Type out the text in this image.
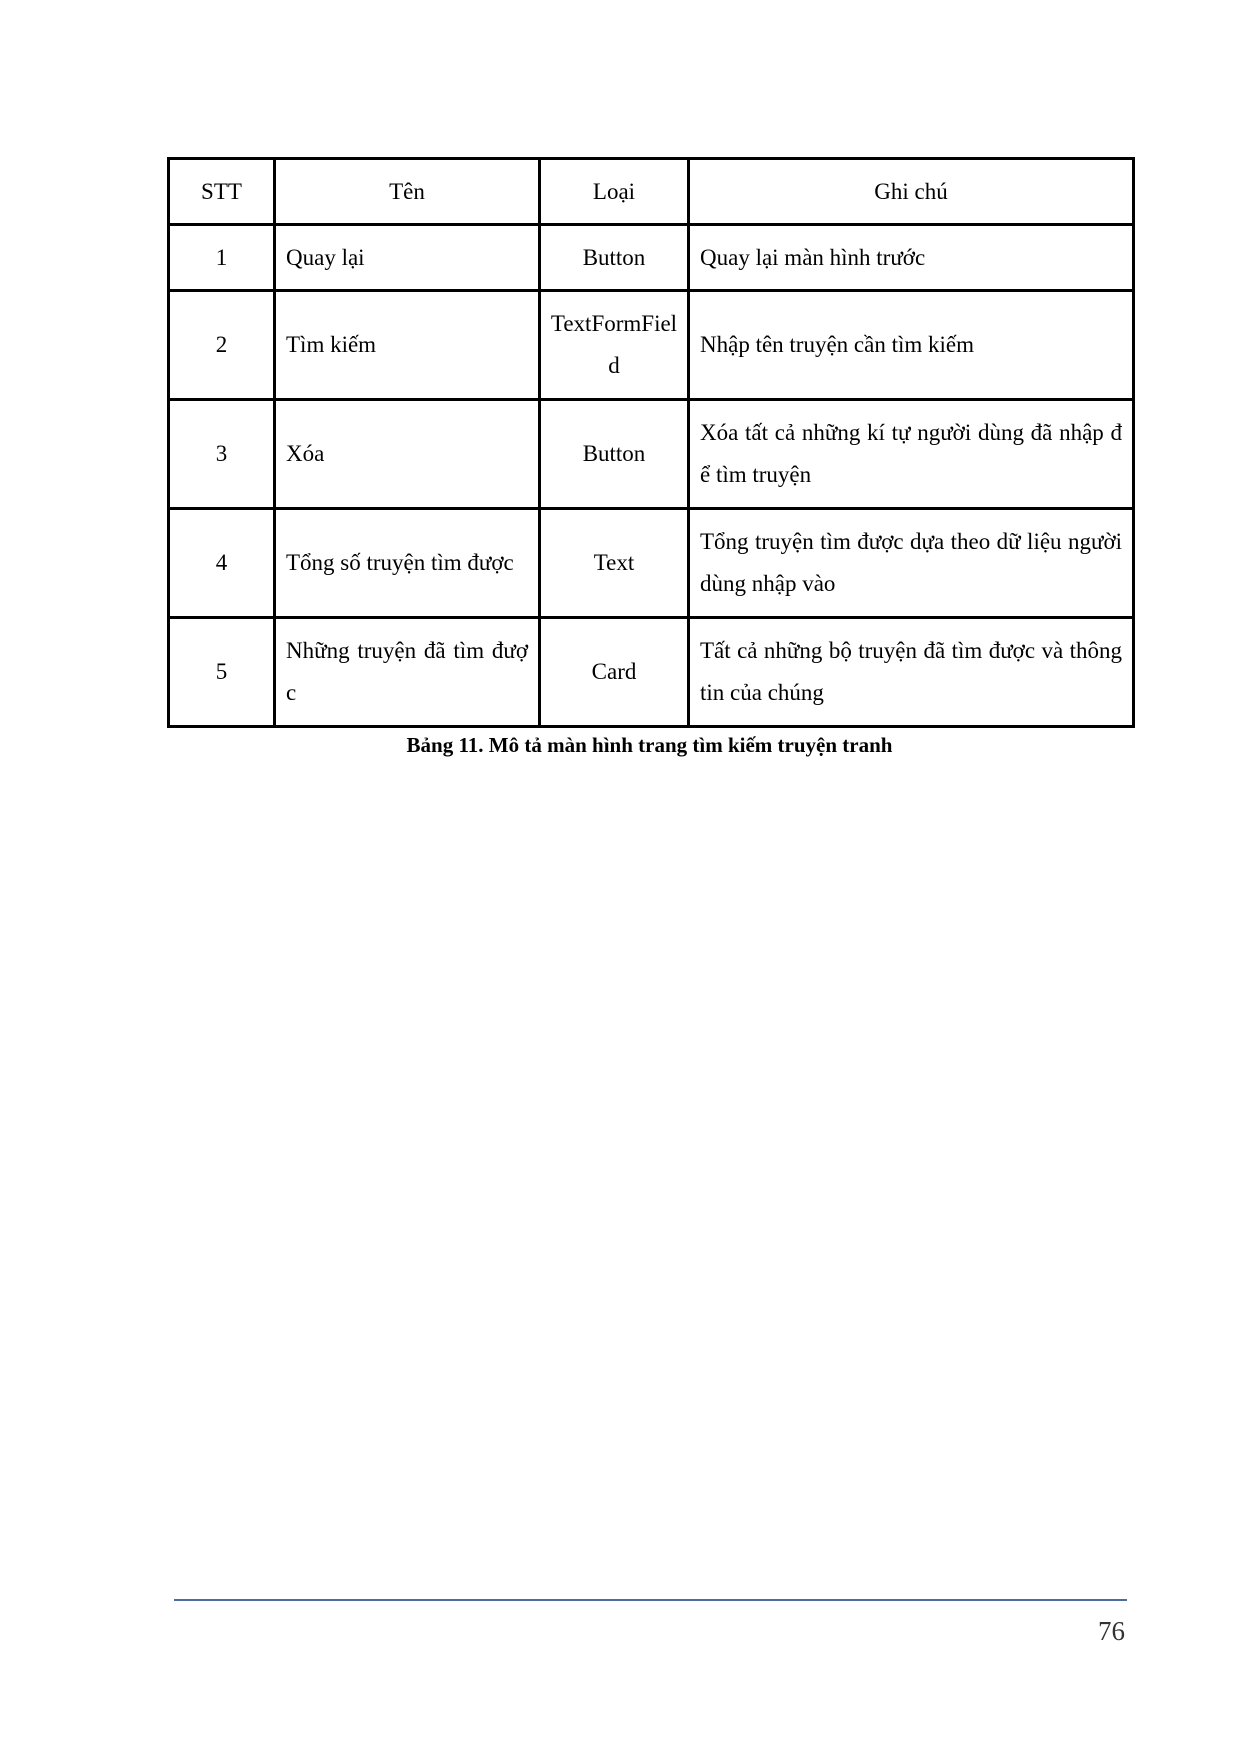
STT	Tên	Loại	Ghi chú
1	Quay lại	Button	Quay lại màn hình trước
2	Tìm kiếm	TextFormField	Nhập tên truyện cần tìm kiếm
3	Xóa	Button	Xóa tất cả những kí tự người dùng đã nhập để tìm truyện
4	Tổng số truyện tìm được	Text	Tổng truyện tìm được dựa theo dữ liệu người dùng nhập vào
5	Những truyện đã tìm được	Card	Tất cả những bộ truyện đã tìm được và thông tin của chúng
Bảng 11. Mô tả màn hình trang tìm kiếm truyện tranh
76
